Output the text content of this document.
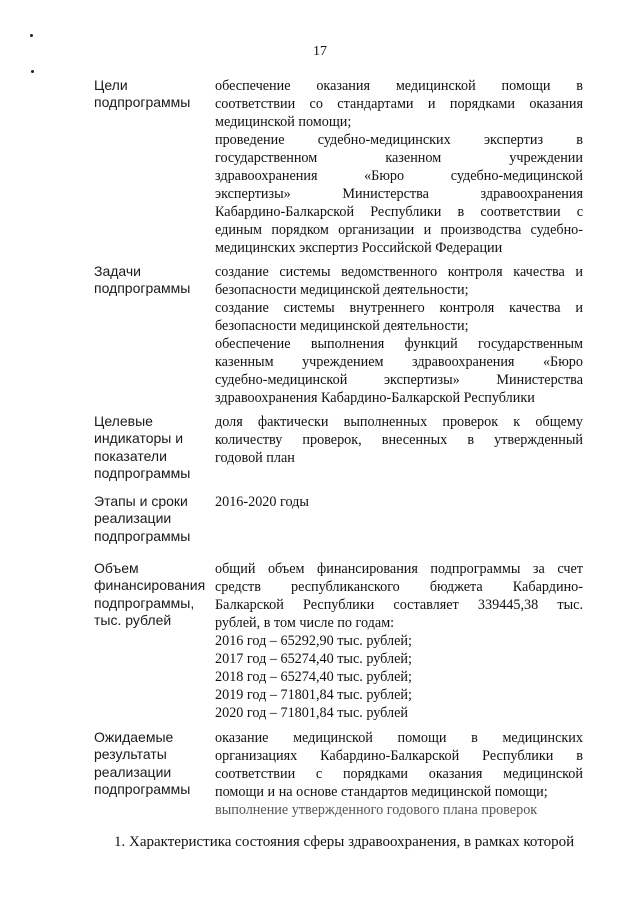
17
Цели
подпрограммы
обеспечение оказания медицинской помощи в
соответствии со стандартами и порядками оказания
медицинской помощи;
проведение судебно-медицинских экспертиз в
государственном казенном учреждении
здравоохранения «Бюро судебно-медицинской
экспертизы» Министерства здравоохранения
Кабардино-Балкарской Республики в соответствии с
единым порядком организации и производства судебно-
медицинских экспертиз Российской Федерации
Задачи
подпрограммы
создание системы ведомственного контроля качества и
безопасности медицинской деятельности;
создание системы внутреннего контроля качества и
безопасности медицинской деятельности;
обеспечение выполнения функций государственным
казенным учреждением здравоохранения «Бюро
судебно-медицинской экспертизы» Министерства
здравоохранения Кабардино-Балкарской Республики
Целевые
индикаторы и
показатели
подпрограммы
доля фактически выполненных проверок к общему
количеству проверок, внесенных в утвержденный
годовой план
Этапы и сроки
реализации
подпрограммы
2016-2020 годы
Объем
финансирования
подпрограммы,
тыс. рублей
общий объем финансирования подпрограммы за счет
средств республиканского бюджета Кабардино-
Балкарской Республики составляет 339445,38 тыс.
рублей, в том числе по годам:
2016 год – 65292,90 тыс. рублей;
2017 год – 65274,40 тыс. рублей;
2018 год – 65274,40 тыс. рублей;
2019 год – 71801,84 тыс. рублей;
2020 год – 71801,84 тыс. рублей
Ожидаемые
результаты
реализации
подпрограммы
оказание медицинской помощи в медицинских
организациях Кабардино-Балкарской Республики в
соответствии с порядками оказания медицинской
помощи и на основе стандартов медицинской помощи;
выполнение утвержденного годового плана проверок
1. Характеристика состояния сферы здравоохранения, в рамках которой
